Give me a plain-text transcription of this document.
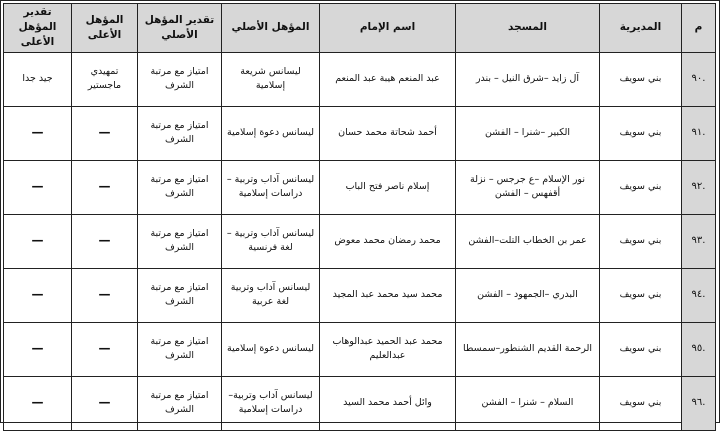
م	المديرية	المسجد	اسم الإمام	المؤهل الأصلي	تقدير المؤهل الأصلي	المؤهل الأعلى	تقدير المؤهل الأعلى
.٩٠	بني سويف	آل زايد –شرق النيل – بندر	عبد المنعم هيبة عبد المنعم	ليسانس شريعة إسلامية	امتياز مع مرتبة الشرف	تمهيدي ماجستير	جيد جدا
.٩١	بني سويف	الكبير –شنرا – الفشن	أحمد شحاتة محمد حسان	ليسانس دعوة إسلامية	امتياز مع مرتبة الشرف	—	—
.٩٢	بني سويف	نور الإسلام –ع جرجس – نزلة أقفهس – الفشن	إسلام ناصر فتح الباب	ليسانس آداب وتربية – دراسات إسلامية	امتياز مع مرتبة الشرف	—	—
.٩٣	بني سويف	عمر بن الخطاب التلت–الفشن	محمد رمضان محمد معوض	ليسانس آداب وتربية – لغة فرنسية	امتياز مع مرتبة الشرف	—	—
.٩٤	بني سويف	البدري –الجمهود – الفشن	محمد سيد محمد عبد المجيد	ليسانس آداب وتربية لغة عربية	امتياز مع مرتبة الشرف	—	—
.٩٥	بني سويف	الرحمة القديم الشنطور–سمسطا	محمد عبد الحميد عبدالوهاب عبدالعليم	ليسانس دعوة إسلامية	امتياز مع مرتبة الشرف	—	—
.٩٦	بني سويف	السلام – شنرا – الفشن	وائل أحمد محمد السيد	ليسانس آداب وتربية– دراسات إسلامية	امتياز مع مرتبة الشرف	—	—
